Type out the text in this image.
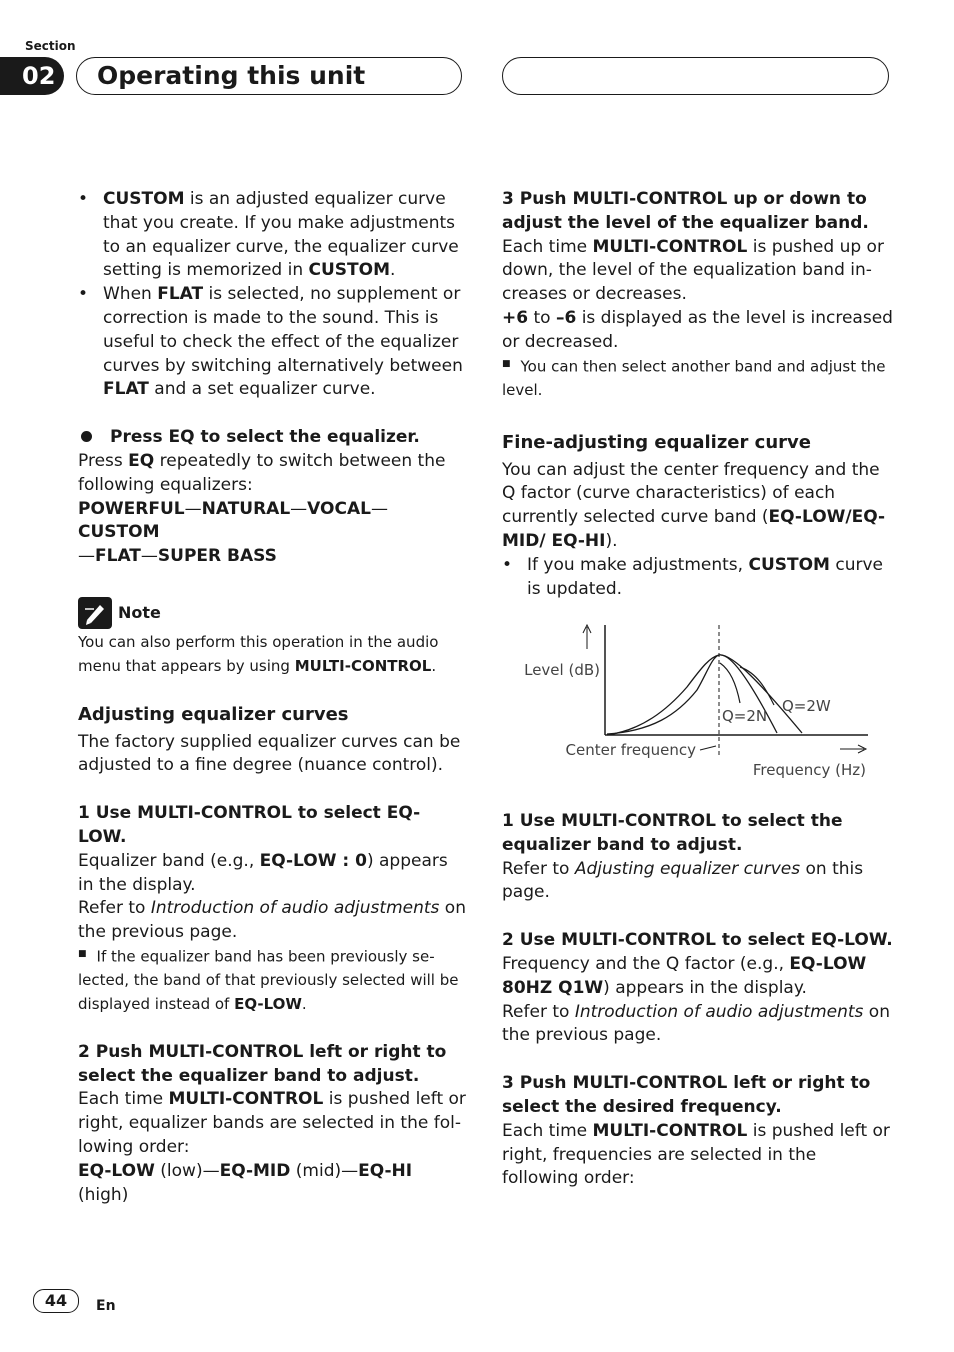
Section
02	Operating this unit

• CUSTOM is an adjusted equalizer curve that you create. If you make adjustments to an equalizer curve, the equalizer curve setting is memorized in CUSTOM.

• When FLAT is selected, no supplement or correction is made to the sound. This is useful to check the effect of the equalizer curves by switching alternatively between FLAT and a set equalizer curve.

Press EQ to select the equalizer.

Press EQ repeatedly to switch between the following equalizers:

POWERFUL—NATURAL—VOCAL—CUSTOM
—FLAT—SUPER BASS

Note

You can also perform this operation in the audio menu that appears by using MULTI-CONTROL.

Adjusting equalizer curves

The factory supplied equalizer curves can be adjusted to a fine degree (nuance control).

1 Use MULTI-CONTROL to select EQ-LOW.

Equalizer band (e.g., EQ-LOW : 0) appears in the display.

Refer to Introduction of audio adjustments on the previous page.

■ If the equalizer band has been previously selected, the band of that previously selected will be displayed instead of EQ-LOW.

2 Push MULTI-CONTROL left or right to select the equalizer band to adjust.

Each time MULTI-CONTROL is pushed left or right, equalizer bands are selected in the following order:

EQ-LOW (low)—EQ-MID (mid)—EQ-HI (high)

3 Push MULTI-CONTROL up or down to adjust the level of the equalizer band.

Each time MULTI-CONTROL is pushed up or down, the level of the equalization band increases or decreases.

+6 to –6 is displayed as the level is increased or decreased.

■ You can then select another band and adjust the level.

Fine-adjusting equalizer curve

You can adjust the center frequency and the Q factor (curve characteristics) of each currently selected curve band (EQ-LOW/EQ-MID/ EQ-HI).

• If you make adjustments, CUSTOM curve is updated.

Level (dB)
Q=2N
Q=2W
Center frequency
Frequency (Hz)

1 Use MULTI-CONTROL to select the equalizer band to adjust.

Refer to Adjusting equalizer curves on this page.

2 Use MULTI-CONTROL to select EQ-LOW.

Frequency and the Q factor (e.g., EQ-LOW 80HZ Q1W) appears in the display.

Refer to Introduction of audio adjustments on the previous page.

3 Push MULTI-CONTROL left or right to select the desired frequency.

Each time MULTI-CONTROL is pushed left or right, frequencies are selected in the following order:

44	En
